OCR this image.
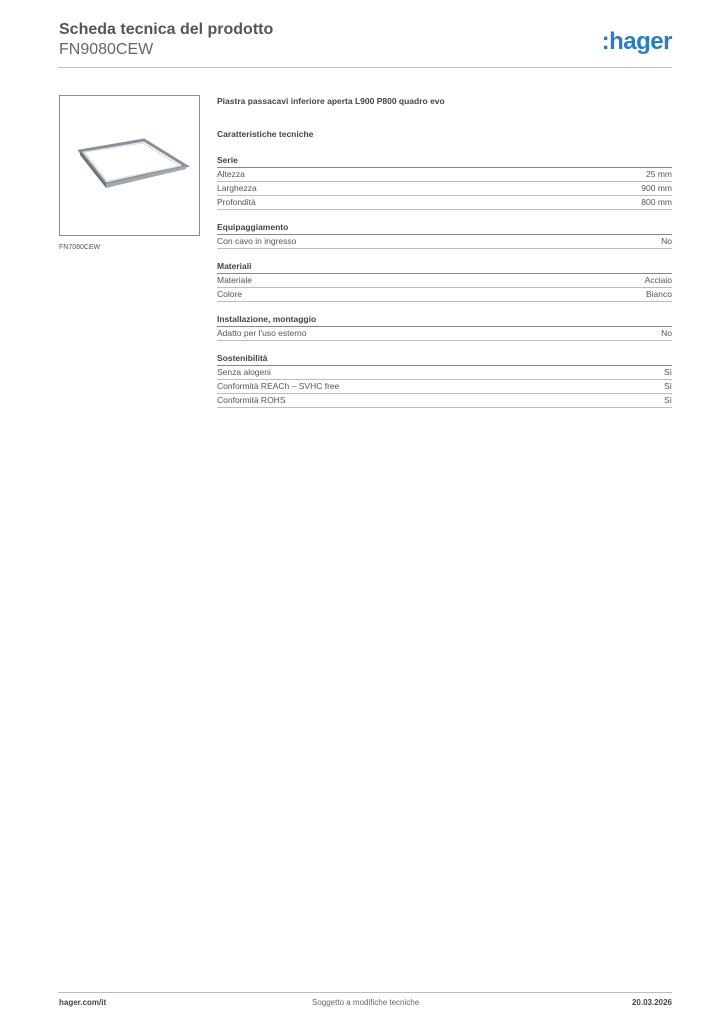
Scheda tecnica del prodotto
FN9080CEW	:hager
FN7080CEW
Piastra passacavi inferiore aperta L900 P800 quadro evo
Caratteristiche tecniche
Serie
Altezza	25 mm
Larghezza	900 mm
Profondità	800 mm
Equipaggiamento
Con cavo in ingresso	No
Materiali
Materiale	Acciaio
Colore	Bianco
Installazione, montaggio
Adatto per l'uso esterno	No
Sostenibilità
Senza alogeni	Sì
Conformità REACh – SVHC free	Sì
Conformità ROHS	Sì
hager.com/it	Soggetto a modifiche tecniche	20.03.2026
